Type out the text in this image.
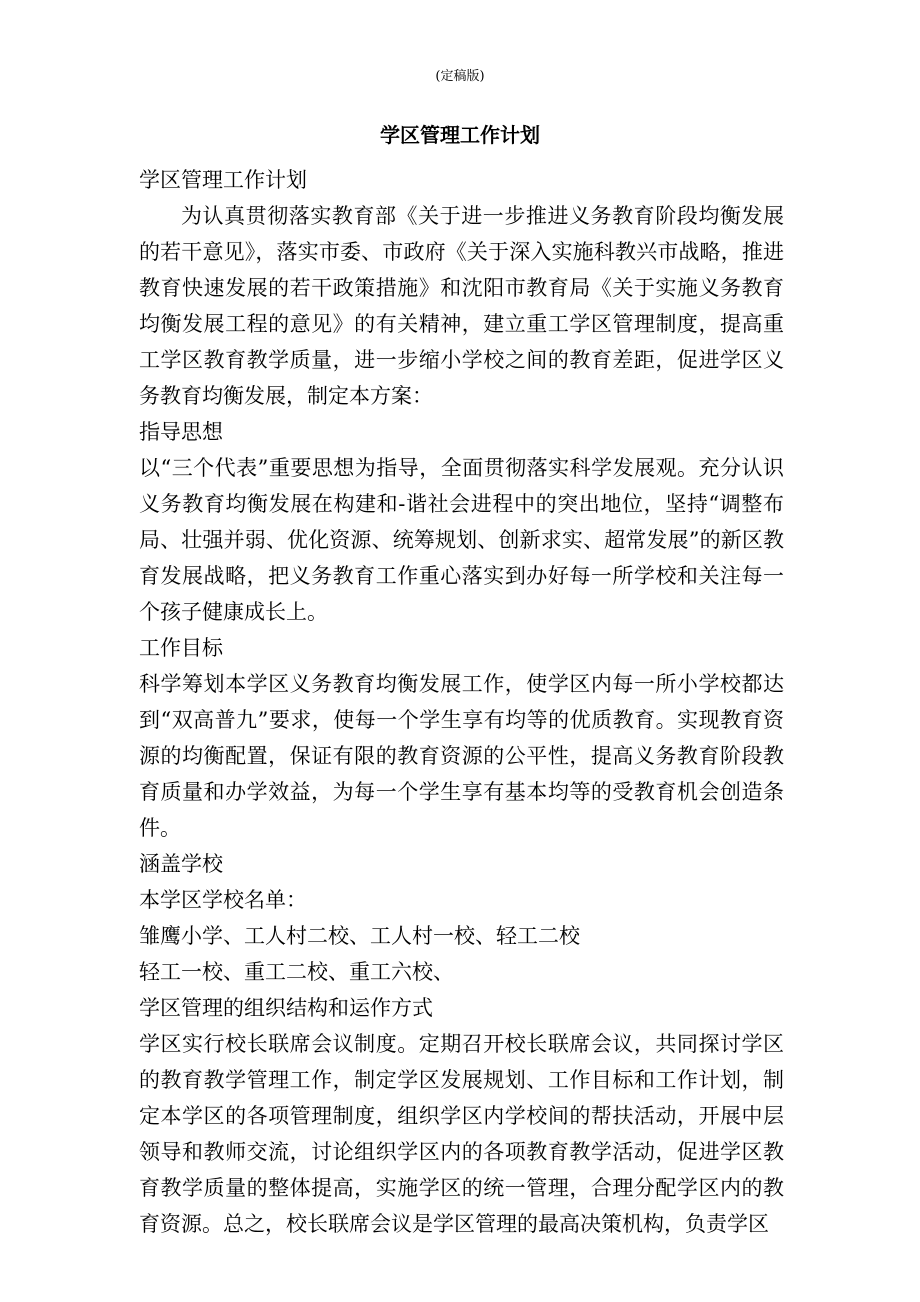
(定稿版)
学区管理工作计划

学区管理工作计划

为认真贯彻落实教育部《关于进一步推进义务教育阶段均衡发展的若干意见》，落实市委、市政府《关于深入实施科教兴市战略，推进教育快速发展的若干政策措施》和沈阳市教育局《关于实施义务教育均衡发展工程的意见》的有关精神，建立重工学区管理制度，提高重工学区教育教学质量，进一步缩小学校之间的教育差距，促进学区义务教育均衡发展，制定本方案：

指导思想

以“三个代表”重要思想为指导，全面贯彻落实科学发展观。充分认识义务教育均衡发展在构建和-谐社会进程中的突出地位，坚持“调整布局、壮强并弱、优化资源、统筹规划、创新求实、超常发展”的新区教育发展战略，把义务教育工作重心落实到办好每一所学校和关注每一个孩子健康成长上。

工作目标

科学筹划本学区义务教育均衡发展工作，使学区内每一所小学校都达到“双高普九”要求，使每一个学生享有均等的优质教育。实现教育资源的均衡配置，保证有限的教育资源的公平性，提高义务教育阶段教育质量和办学效益，为每一个学生享有基本均等的受教育机会创造条件。

涵盖学校

本学区学校名单：

雏鹰小学、工人村二校、工人村一校、轻工二校

轻工一校、重工二校、重工六校、

学区管理的组织结构和运作方式

学区实行校长联席会议制度。定期召开校长联席会议，共同探讨学区的教育教学管理工作，制定学区发展规划、工作目标和工作计划，制定本学区的各项管理制度，组织学区内学校间的帮扶活动，开展中层领导和教师交流，讨论组织学区内的各项教育教学活动，促进学区教育教学质量的整体提高，实施学区的统一管理，合理分配学区内的教育资源。总之，校长联席会议是学区管理的最高决策机构，负责学区
